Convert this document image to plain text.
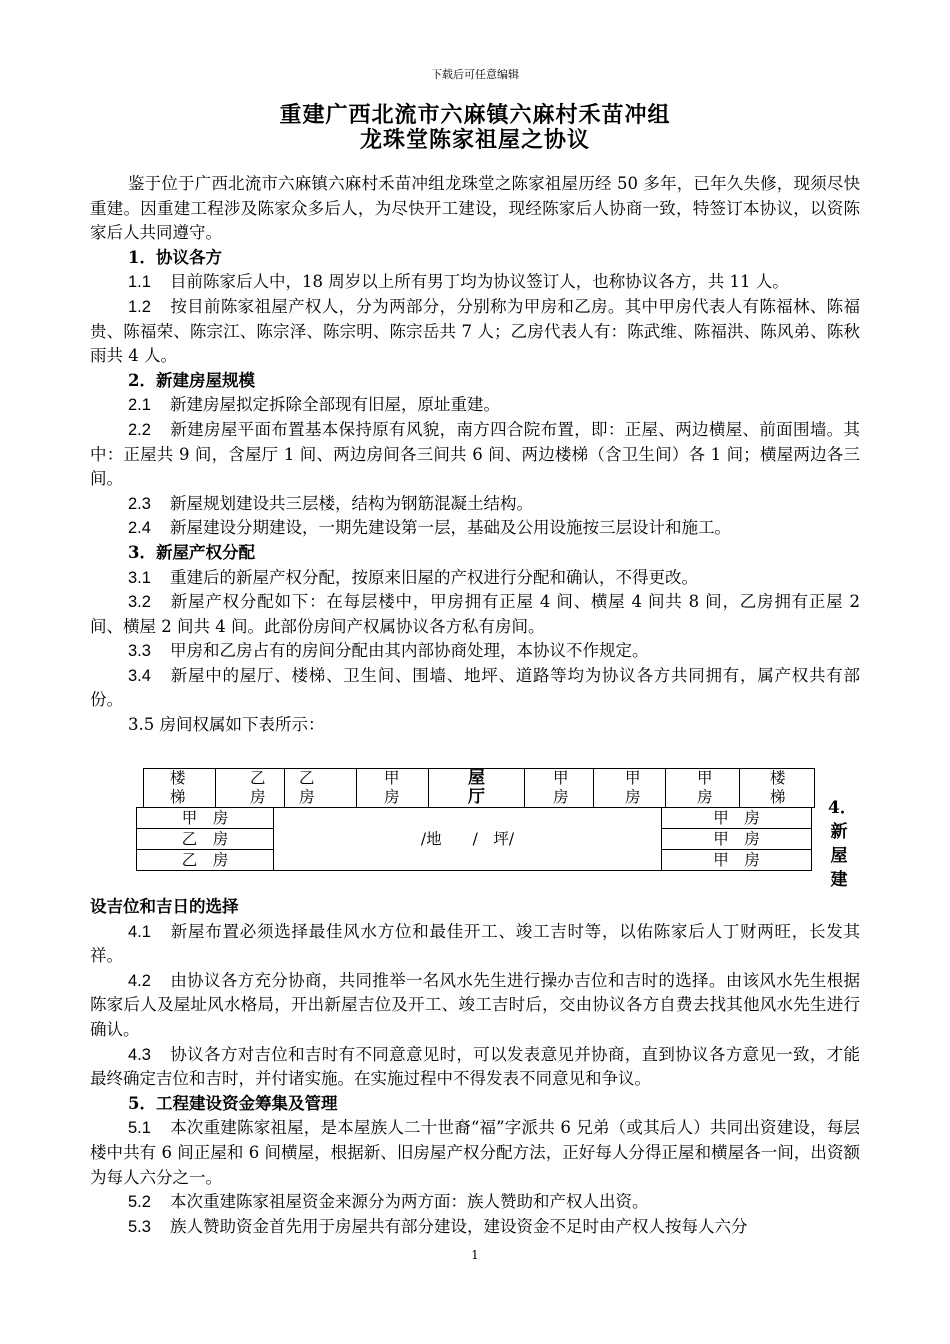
下载后可任意编辑
重建广西北流市六麻镇六麻村禾苗冲组
龙珠堂陈家祖屋之协议

鉴于位于广西北流市六麻镇六麻村禾苗冲组龙珠堂之陈家祖屋历经 50 多年，已年久失修，现须尽快重建。因重建工程涉及陈家众多后人，为尽快开工建设，现经陈家后人协商一致，特签订本协议，以资陈家后人共同遵守。

1．协议各方

1.1 目前陈家后人中，18 周岁以上所有男丁均为协议签订人，也称协议各方，共 11 人。

1.2 按目前陈家祖屋产权人，分为两部分，分别称为甲房和乙房。其中甲房代表人有陈福林、陈福贵、陈福荣、陈宗江、陈宗泽、陈宗明、陈宗岳共 7 人；乙房代表人有：陈武维、陈福洪、陈风弟、陈秋雨共 4 人。

2．新建房屋规模

2.1 新建房屋拟定拆除全部现有旧屋，原址重建。

2.2 新建房屋平面布置基本保持原有风貌，南方四合院布置，即：正屋、两边横屋、前面围墙。其中：正屋共 9 间，含屋厅 1 间、两边房间各三间共 6 间、两边楼梯（含卫生间）各 1 间；横屋两边各三间。

2.3 新屋规划建设共三层楼，结构为钢筋混凝土结构。

2.4 新屋建设分期建设，一期先建设第一层，基础及公用设施按三层设计和施工。

3．新屋产权分配

3.1 重建后的新屋产权分配，按原来旧屋的产权进行分配和确认，不得更改。

3.2 新屋产权分配如下：在每层楼中，甲房拥有正屋 4 间、横屋 4 间共 8 间，乙房拥有正屋 2 间、横屋 2 间共 4 间。此部份房间产权属协议各方私有房间。

3.3 甲房和乙房占有的房间分配由其内部协商处理，本协议不作规定。

3.4 新屋中的屋厅、楼梯、卫生间、围墙、地坪、道路等均为协议各方共同拥有，属产权共有部份。

3.5 房间权属如下表所示：

楼
梯
乙
房
乙
房
甲
房
屋
厅
甲
房
甲
房
甲
房
楼
梯
甲　房
乙　房
乙　房
/地　　/　坪/
甲　房
甲　房
甲　房
4．新屋建

设吉位和吉日的选择

4.1 新屋布置必须选择最佳风水方位和最佳开工、竣工吉时等，以佑陈家后人丁财两旺，长发其祥。

4.2 由协议各方充分协商，共同推举一名风水先生进行操办吉位和吉时的选择。由该风水先生根据陈家后人及屋址风水格局，开出新屋吉位及开工、竣工吉时后，交由协议各方自费去找其他风水先生进行确认。

4.3 协议各方对吉位和吉时有不同意意见时，可以发表意见并协商，直到协议各方意见一致，才能最终确定吉位和吉时，并付诸实施。在实施过程中不得发表不同意见和争议。

5．工程建设资金筹集及管理

5.1 本次重建陈家祖屋，是本屋族人二十世裔“福”字派共 6 兄弟（或其后人）共同出资建设，每层楼中共有 6 间正屋和 6 间横屋，根据新、旧房屋产权分配方法，正好每人分得正屋和横屋各一间，出资额为每人六分之一。

5.2 本次重建陈家祖屋资金来源分为两方面：族人赞助和产权人出资。

5.3 族人赞助资金首先用于房屋共有部分建设，建设资金不足时由产权人按每人六分

1
